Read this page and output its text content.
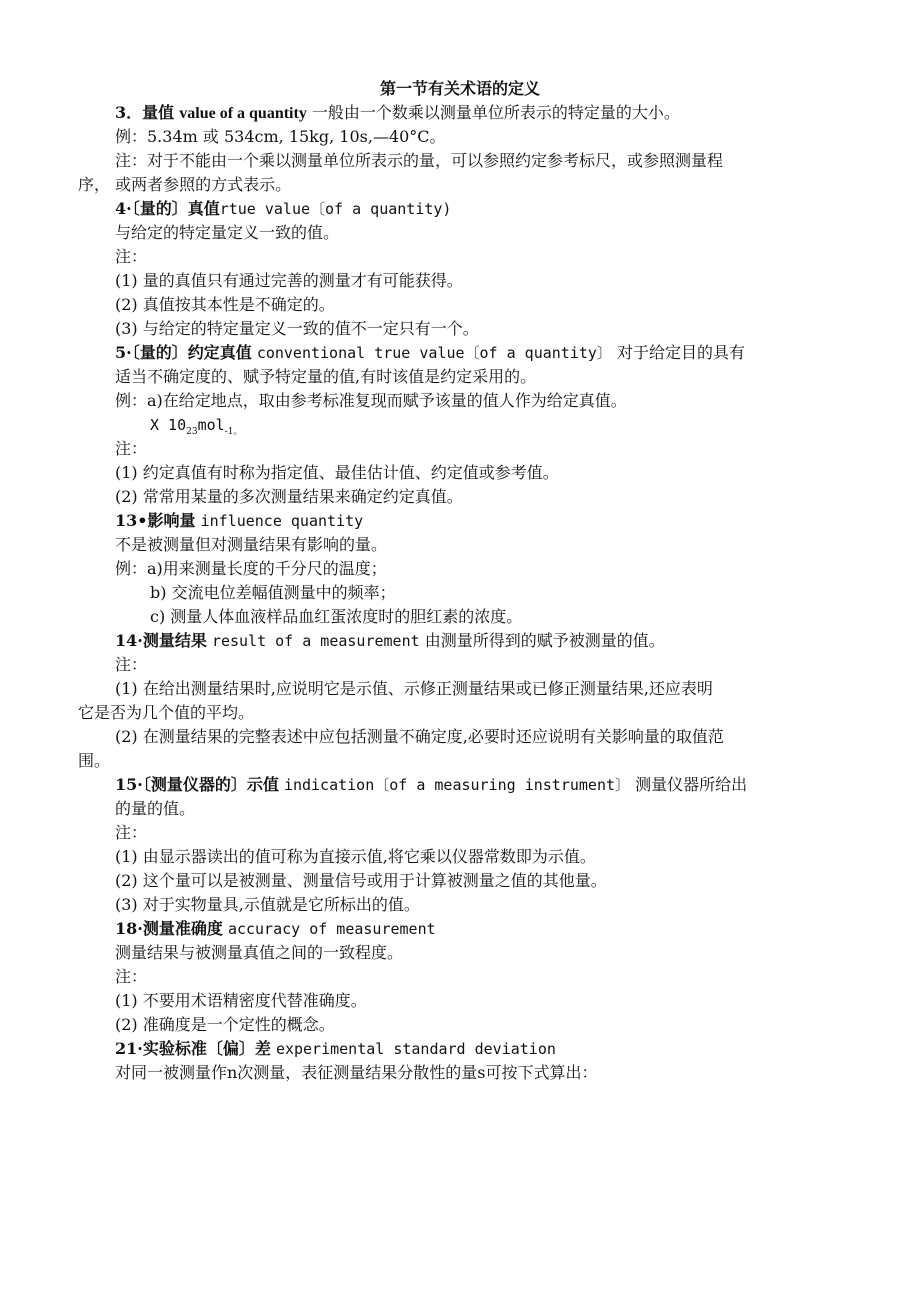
第一节有关术语的定义
3．量值 value of a quantity 一般由一个数乘以测量单位所表示的特定量的大小。
例：5.34m 或 534cm, 15kg, 10s,—40°C。
注：对于不能由一个乘以测量单位所表示的量，可以参照约定参考标尺，或参照测量程
序， 或两者参照的方式表示。
4·〔量的〕真值rtue value〔of a quantity)
与给定的特定量定义一致的值。
注：
(1) 量的真值只有通过完善的测量才有可能获得。
(2) 真值按其本性是不确定的。
(3) 与给定的特定量定义一致的值不一定只有一个。
5·〔量的〕约定真值 conventional true value〔of a quantity〕 对于给定目的具有
适当不确定度的、赋予特定量的值,有时该值是约定采用的。
例：a)在给定地点，取由参考标准复现而赋予该量的值人作为给定真值。
X $10_{23}mol_{-1。}$
注：
(1) 约定真值有时称为指定值、最佳估计值、约定值或参考值。
(2) 常常用某量的多次测量结果来确定约定真值。
13•影响量 influence quantity
不是被测量但对测量结果有影响的量。
例：a)用来测量长度的千分尺的温度；
b) 交流电位差幅值测量中的频率；
c) 测量人体血液样品血红蛋浓度时的胆红素的浓度。
14·测量结果 result of a measurement 由测量所得到的赋予被测量的值。
注：
(1) 在给出测量结果时,应说明它是示值、示修正测量结果或已修正测量结果,还应表明
它是否为几个值的平均。
(2) 在测量结果的完整表述中应包括测量不确定度,必要时还应说明有关影响量的取值范
围。
15·〔测量仪器的〕示值 indication〔of a measuring instrument〕 测量仪器所给出
的量的值。
注：
(1) 由显示器读出的值可称为直接示值,将它乘以仪器常数即为示值。
(2) 这个量可以是被测量、测量信号或用于计算被测量之值的其他量。
(3) 对于实物量具,示值就是它所标出的值。
18·测量准确度 accuracy of measurement
测量结果与被测量真值之间的一致程度。
注：
(1) 不要用术语精密度代替准确度。
(2) 准确度是一个定性的概念。
21·实验标准〔偏〕差 experimental standard deviation
对同一被测量作n次测量，表征测量结果分散性的量s可按下式算出：
